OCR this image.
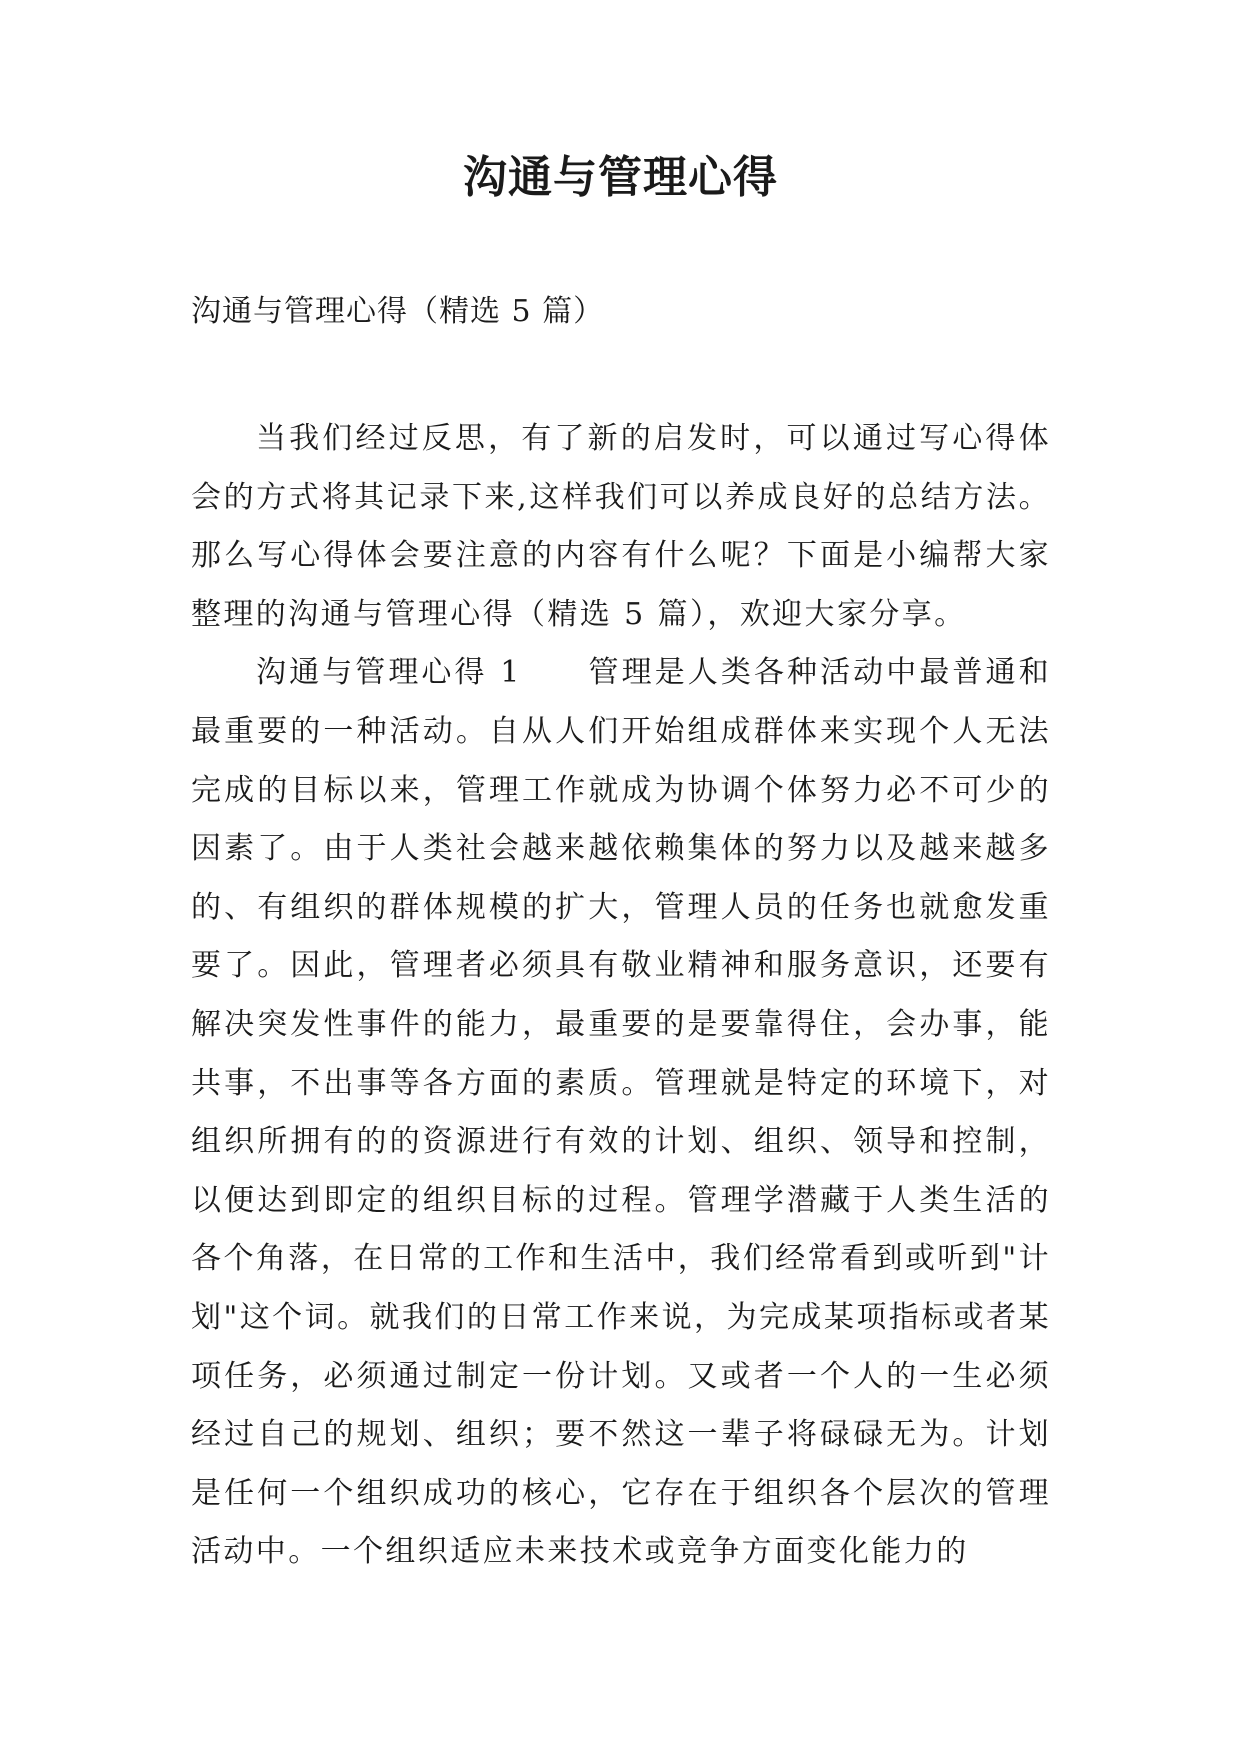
沟通与管理心得
沟通与管理心得（精选 5 篇）

当我们经过反思，有了新的启发时，可以通过写心得体会的方式将其记录下来,这样我们可以养成良好的总结方法。那么写心得体会要注意的内容有什么呢？下面是小编帮大家整理的沟通与管理心得（精选 5 篇），欢迎大家分享。

沟通与管理心得 1　　管理是人类各种活动中最普通和最重要的一种活动。自从人们开始组成群体来实现个人无法完成的目标以来，管理工作就成为协调个体努力必不可少的因素了。由于人类社会越来越依赖集体的努力以及越来越多的、有组织的群体规模的扩大，管理人员的任务也就愈发重要了。因此，管理者必须具有敬业精神和服务意识，还要有解决突发性事件的能力，最重要的是要靠得住，会办事，能共事，不出事等各方面的素质。管理就是特定的环境下，对组织所拥有的的资源进行有效的计划、组织、领导和控制，以便达到即定的组织目标的过程。管理学潜藏于人类生活的各个角落，在日常的工作和生活中，我们经常看到或听到"计划"这个词。就我们的日常工作来说，为完成某项指标或者某项任务，必须通过制定一份计划。又或者一个人的一生必须经过自己的规划、组织；要不然这一辈子将碌碌无为。计划是任何一个组织成功的核心，它存在于组织各个层次的管理活动中。一个组织适应未来技术或竞争方面变化能力的
